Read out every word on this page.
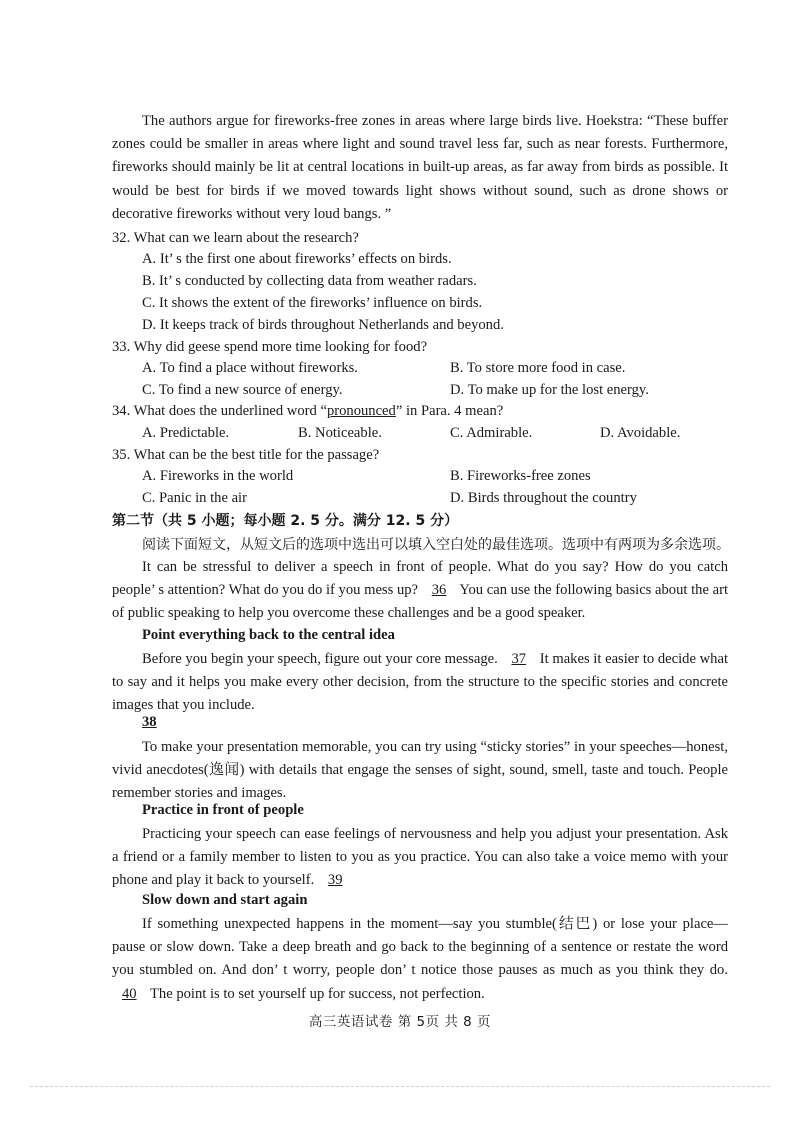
The authors argue for fireworks-free zones in areas where large birds live. Hoekstra: “These buffer zones could be smaller in areas where light and sound travel less far, such as near forests. Furthermore, fireworks should mainly be lit at central locations in built-up areas, as far away from birds as possible. It would be best for birds if we moved towards light shows without sound, such as drone shows or decorative fireworks without very loud bangs. ”

32. What can we learn about the research?
A. It’ s the first one about fireworks’ effects on birds.
B. It’ s conducted by collecting data from weather radars.
C. It shows the extent of the fireworks’ influence on birds.
D. It keeps track of birds throughout Netherlands and beyond.
33. Why did geese spend more time looking for food?
A. To find a place without fireworks.	B. To store more food in case.
C. To find a new source of energy.	D. To make up for the lost energy.
34. What does the underlined word “pronounced” in Para. 4 mean?
A. Predictable.	B. Noticeable.	C. Admirable.	D. Avoidable.
35. What can be the best title for the passage?
A. Fireworks in the world	B. Fireworks-free zones
C. Panic in the air	D. Birds throughout the country
第二节（共 5 小题；每小题 2. 5 分。满分 12. 5 分）
阅读下面短文，从短文后的选项中选出可以填入空白处的最佳选项。选项中有两项为多余选项。

It can be stressful to deliver a speech in front of people. What do you say? How do you catch people’ s attention? What do you do if you mess up? 36 You can use the following basics about the art of public speaking to help you overcome these challenges and be a good speaker.

Point everything back to the central idea

Before you begin your speech, figure out your core message. 37 It makes it easier to decide what to say and it helps you make every other decision, from the structure to the specific stories and concrete images that you include.

38

To make your presentation memorable, you can try using “sticky stories” in your speeches—honest, vivid anecdotes(逸闻) with details that engage the senses of sight, sound, smell, taste and touch. People remember stories and images.

Practice in front of people

Practicing your speech can ease feelings of nervousness and help you adjust your presentation. Ask a friend or a family member to listen to you as you practice. You can also take a voice memo with your phone and play it back to yourself. 39

Slow down and start again

If something unexpected happens in the moment—say you stumble(结巴) or lose your place—pause or slow down. Take a deep breath and go back to the beginning of a sentence or restate the word you stumbled on. And don’ t worry, people don’ t notice those pauses as much as you think they do. 40 The point is to set yourself up for success, not perfection.

高三英语试卷 第 5页 共 8 页
